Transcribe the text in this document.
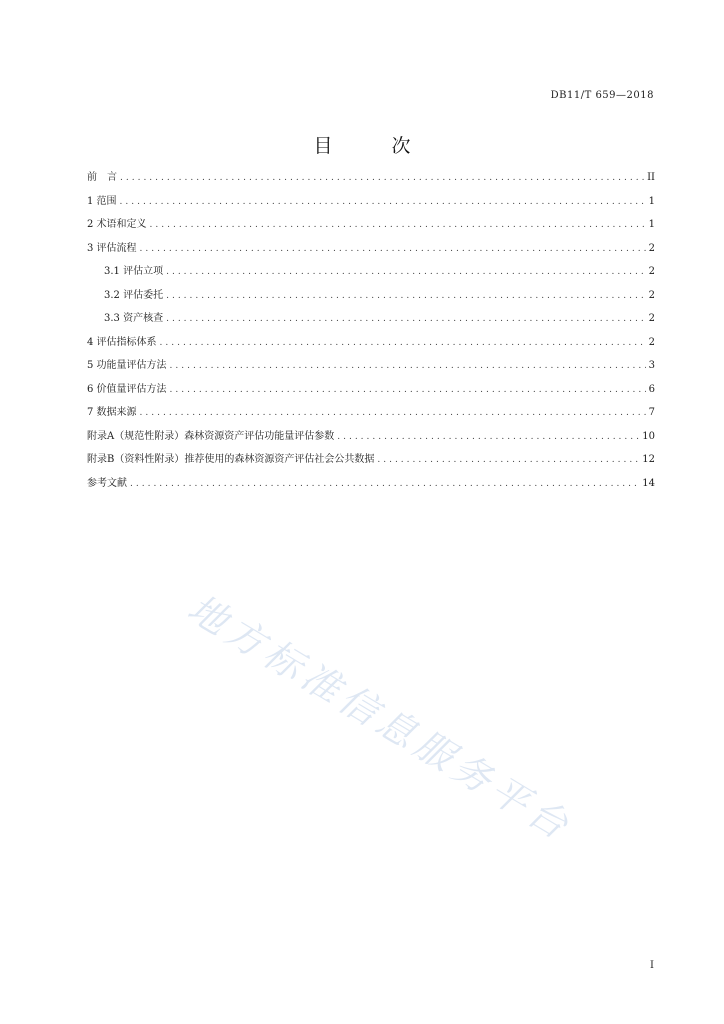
DB11/T 659—2018
目　次
前　言 .....	II
1 范围 .....	1
2 术语和定义 .....	1
3 评估流程 .....	2
3.1 评估立项 .....	2
3.2 评估委托 .....	2
3.3 资产核查 .....	2
4 评估指标体系 .....	2
5 功能量评估方法 .....	3
6 价值量评估方法 .....	6
7 数据来源 .....	7
附录A（规范性附录）森林资源资产评估功能量评估参数 .....	10
附录B（资料性附录）推荐使用的森林资源资产评估社会公共数据 .....	12
参考文献 .....	14
地方标准信息服务平台
I
